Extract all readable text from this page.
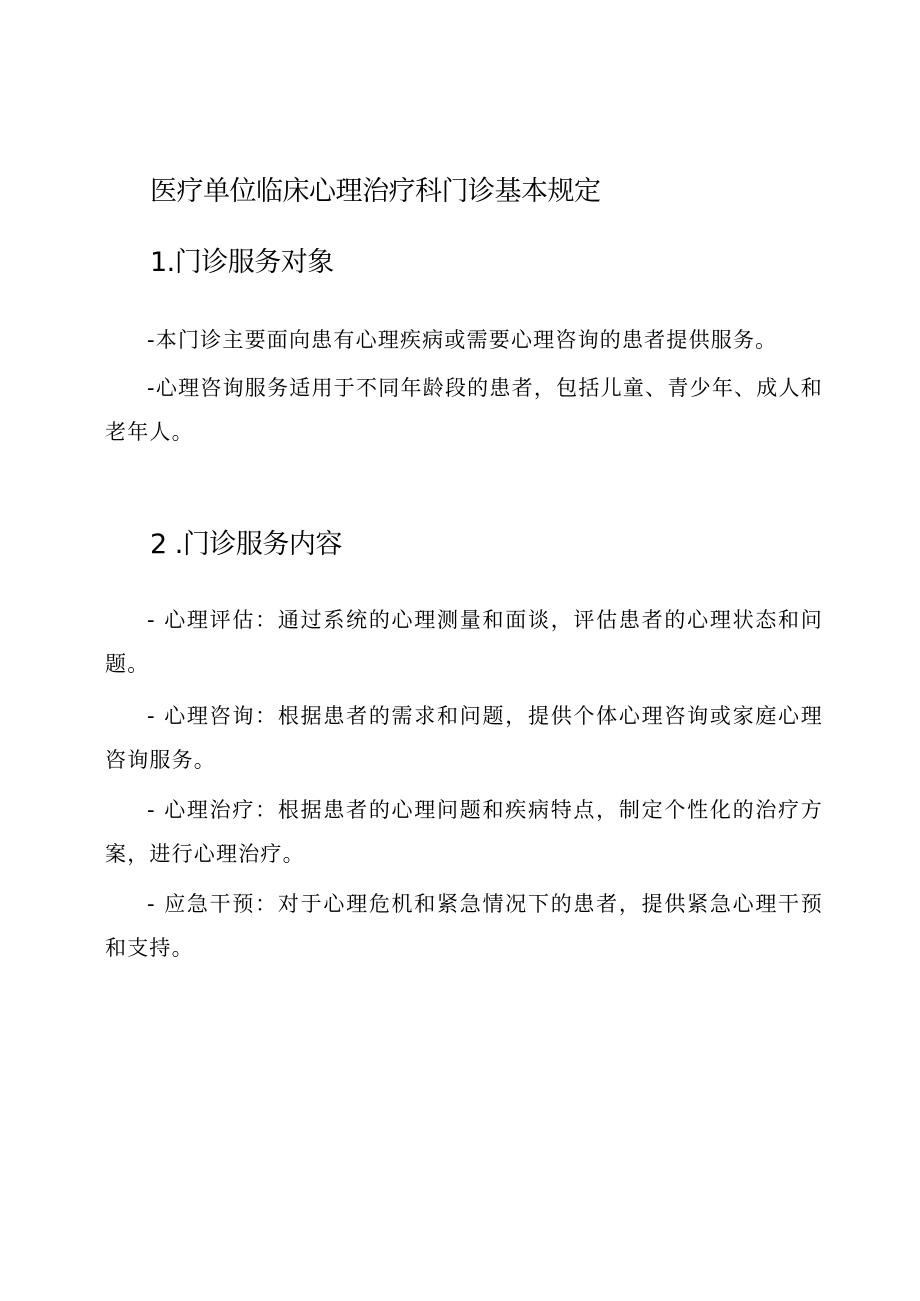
医疗单位临床心理治疗科门诊基本规定
1.门诊服务对象

-本门诊主要面向患有心理疾病或需要心理咨询的患者提供服务。

-心理咨询服务适用于不同年龄段的患者，包括儿童、青少年、成人和老年人。

2 .门诊服务内容

- 心理评估：通过系统的心理测量和面谈，评估患者的心理状态和问题。

- 心理咨询：根据患者的需求和问题，提供个体心理咨询或家庭心理咨询服务。

- 心理治疗：根据患者的心理问题和疾病特点，制定个性化的治疗方案，进行心理治疗。

- 应急干预：对于心理危机和紧急情况下的患者，提供紧急心理干预和支持。
